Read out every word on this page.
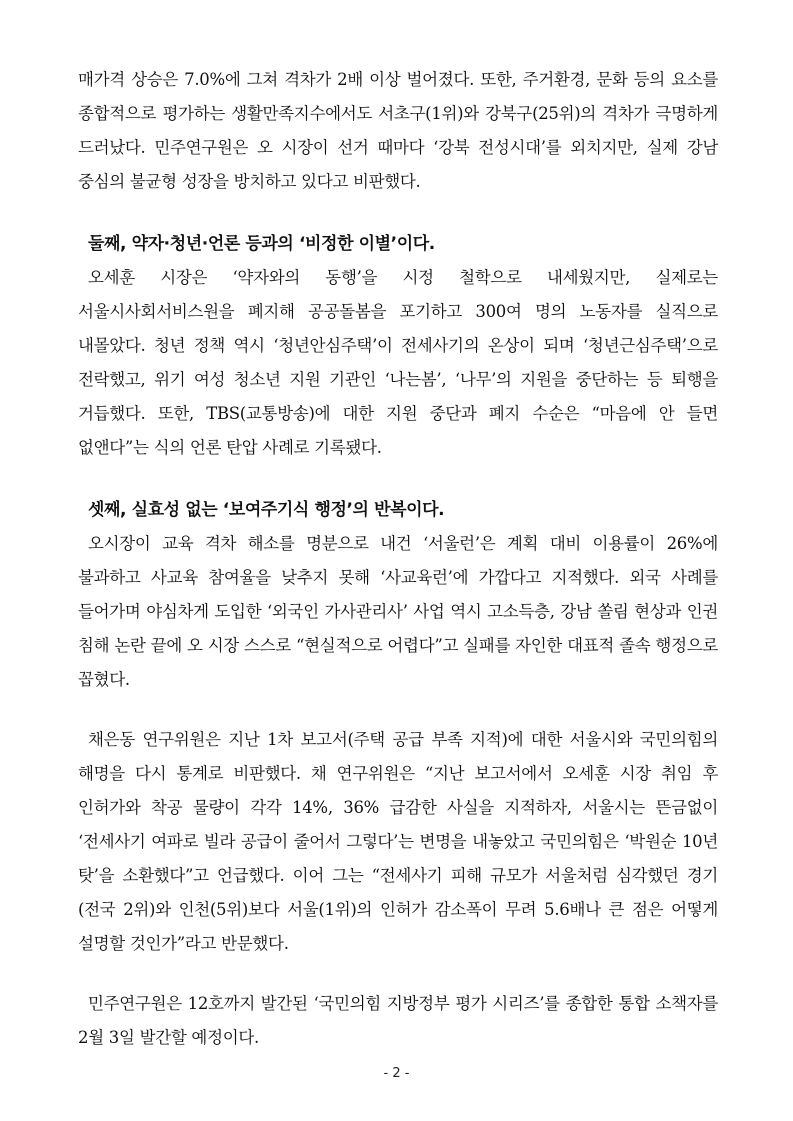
매가격 상승은 7.0%에 그쳐 격차가 2배 이상 벌어졌다. 또한, 주거환경, 문화 등의 요소를 종합적으로 평가하는 생활만족지수에서도 서초구(1위)와 강북구(25위)의 격차가 극명하게 드러났다. 민주연구원은 오 시장이 선거 때마다 ‘강북 전성시대’를 외치지만, 실제 강남 중심의 불균형 성장을 방치하고 있다고 비판했다.

둘째, 약자·청년·언론 등과의 ‘비정한 이별’이다.

오세훈 시장은 ‘약자와의 동행’을 시정 철학으로 내세웠지만, 실제로는 서울시사회서비스원을 폐지해 공공돌봄을 포기하고 300여 명의 노동자를 실직으로 내몰았다. 청년 정책 역시 ‘청년안심주택’이 전세사기의 온상이 되며 ‘청년근심주택’으로 전락했고, 위기 여성 청소년 지원 기관인 ‘나는봄’, ‘나무’의 지원을 중단하는 등 퇴행을 거듭했다. 또한, TBS(교통방송)에 대한 지원 중단과 폐지 수순은 “마음에 안 들면 없앤다”는 식의 언론 탄압 사례로 기록됐다.

셋째, 실효성 없는 ‘보여주기식 행정’의 반복이다.

오시장이 교육 격차 해소를 명분으로 내건 ‘서울런’은 계획 대비 이용률이 26%에 불과하고 사교육 참여율을 낮추지 못해 ‘사교육런’에 가깝다고 지적했다. 외국 사례를 들어가며 야심차게 도입한 ‘외국인 가사관리사’ 사업 역시 고소득층, 강남 쏠림 현상과 인권 침해 논란 끝에 오 시장 스스로 “현실적으로 어렵다”고 실패를 자인한 대표적 졸속 행정으로 꼽혔다.

채은동 연구위원은 지난 1차 보고서(주택 공급 부족 지적)에 대한 서울시와 국민의힘의 해명을 다시 통계로 비판했다. 채 연구위원은 “지난 보고서에서 오세훈 시장 취임 후 인허가와 착공 물량이 각각 14%, 36% 급감한 사실을 지적하자, 서울시는 뜬금없이 ‘전세사기 여파로 빌라 공급이 줄어서 그렇다’는 변명을 내놓았고 국민의힘은 ‘박원순 10년 탓’을 소환했다”고 언급했다. 이어 그는 “전세사기 피해 규모가 서울처럼 심각했던 경기(전국 2위)와 인천(5위)보다 서울(1위)의 인허가 감소폭이 무려 5.6배나 큰 점은 어떻게 설명할 것인가”라고 반문했다.

민주연구원은 12호까지 발간된 ‘국민의힘 지방정부 평가 시리즈’를 종합한 통합 소책자를 2월 3일 발간할 예정이다.

- 2 -
